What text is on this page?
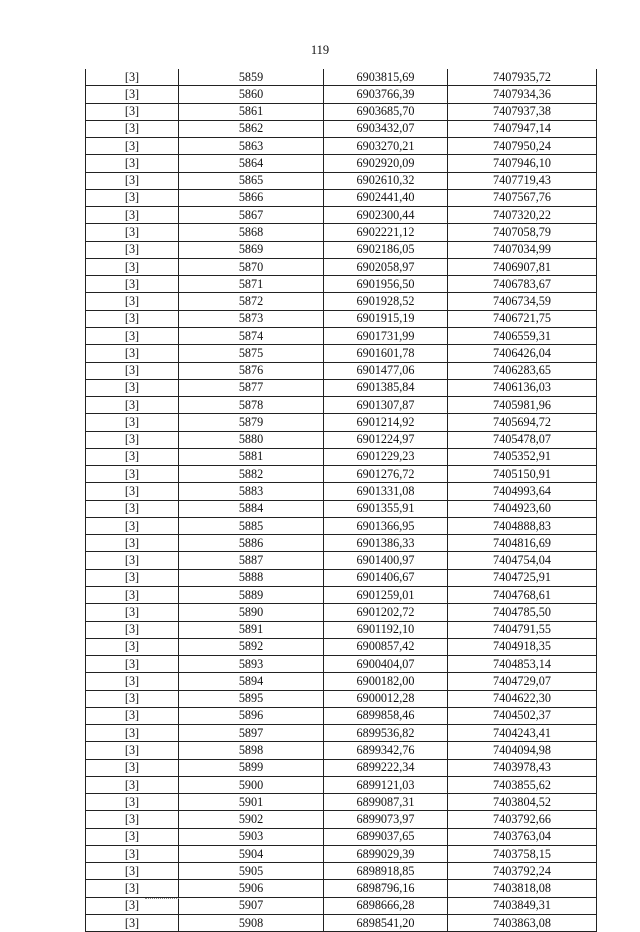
119
[3]	5859	6903815,69	7407935,72
[3]	5860	6903766,39	7407934,36
[3]	5861	6903685,70	7407937,38
[3]	5862	6903432,07	7407947,14
[3]	5863	6903270,21	7407950,24
[3]	5864	6902920,09	7407946,10
[3]	5865	6902610,32	7407719,43
[3]	5866	6902441,40	7407567,76
[3]	5867	6902300,44	7407320,22
[3]	5868	6902221,12	7407058,79
[3]	5869	6902186,05	7407034,99
[3]	5870	6902058,97	7406907,81
[3]	5871	6901956,50	7406783,67
[3]	5872	6901928,52	7406734,59
[3]	5873	6901915,19	7406721,75
[3]	5874	6901731,99	7406559,31
[3]	5875	6901601,78	7406426,04
[3]	5876	6901477,06	7406283,65
[3]	5877	6901385,84	7406136,03
[3]	5878	6901307,87	7405981,96
[3]	5879	6901214,92	7405694,72
[3]	5880	6901224,97	7405478,07
[3]	5881	6901229,23	7405352,91
[3]	5882	6901276,72	7405150,91
[3]	5883	6901331,08	7404993,64
[3]	5884	6901355,91	7404923,60
[3]	5885	6901366,95	7404888,83
[3]	5886	6901386,33	7404816,69
[3]	5887	6901400,97	7404754,04
[3]	5888	6901406,67	7404725,91
[3]	5889	6901259,01	7404768,61
[3]	5890	6901202,72	7404785,50
[3]	5891	6901192,10	7404791,55
[3]	5892	6900857,42	7404918,35
[3]	5893	6900404,07	7404853,14
[3]	5894	6900182,00	7404729,07
[3]	5895	6900012,28	7404622,30
[3]	5896	6899858,46	7404502,37
[3]	5897	6899536,82	7404243,41
[3]	5898	6899342,76	7404094,98
[3]	5899	6899222,34	7403978,43
[3]	5900	6899121,03	7403855,62
[3]	5901	6899087,31	7403804,52
[3]	5902	6899073,97	7403792,66
[3]	5903	6899037,65	7403763,04
[3]	5904	6899029,39	7403758,15
[3]	5905	6898918,85	7403792,24
[3]	5906	6898796,16	7403818,08
[3]	5907	6898666,28	7403849,31
[3]	5908	6898541,20	7403863,08
